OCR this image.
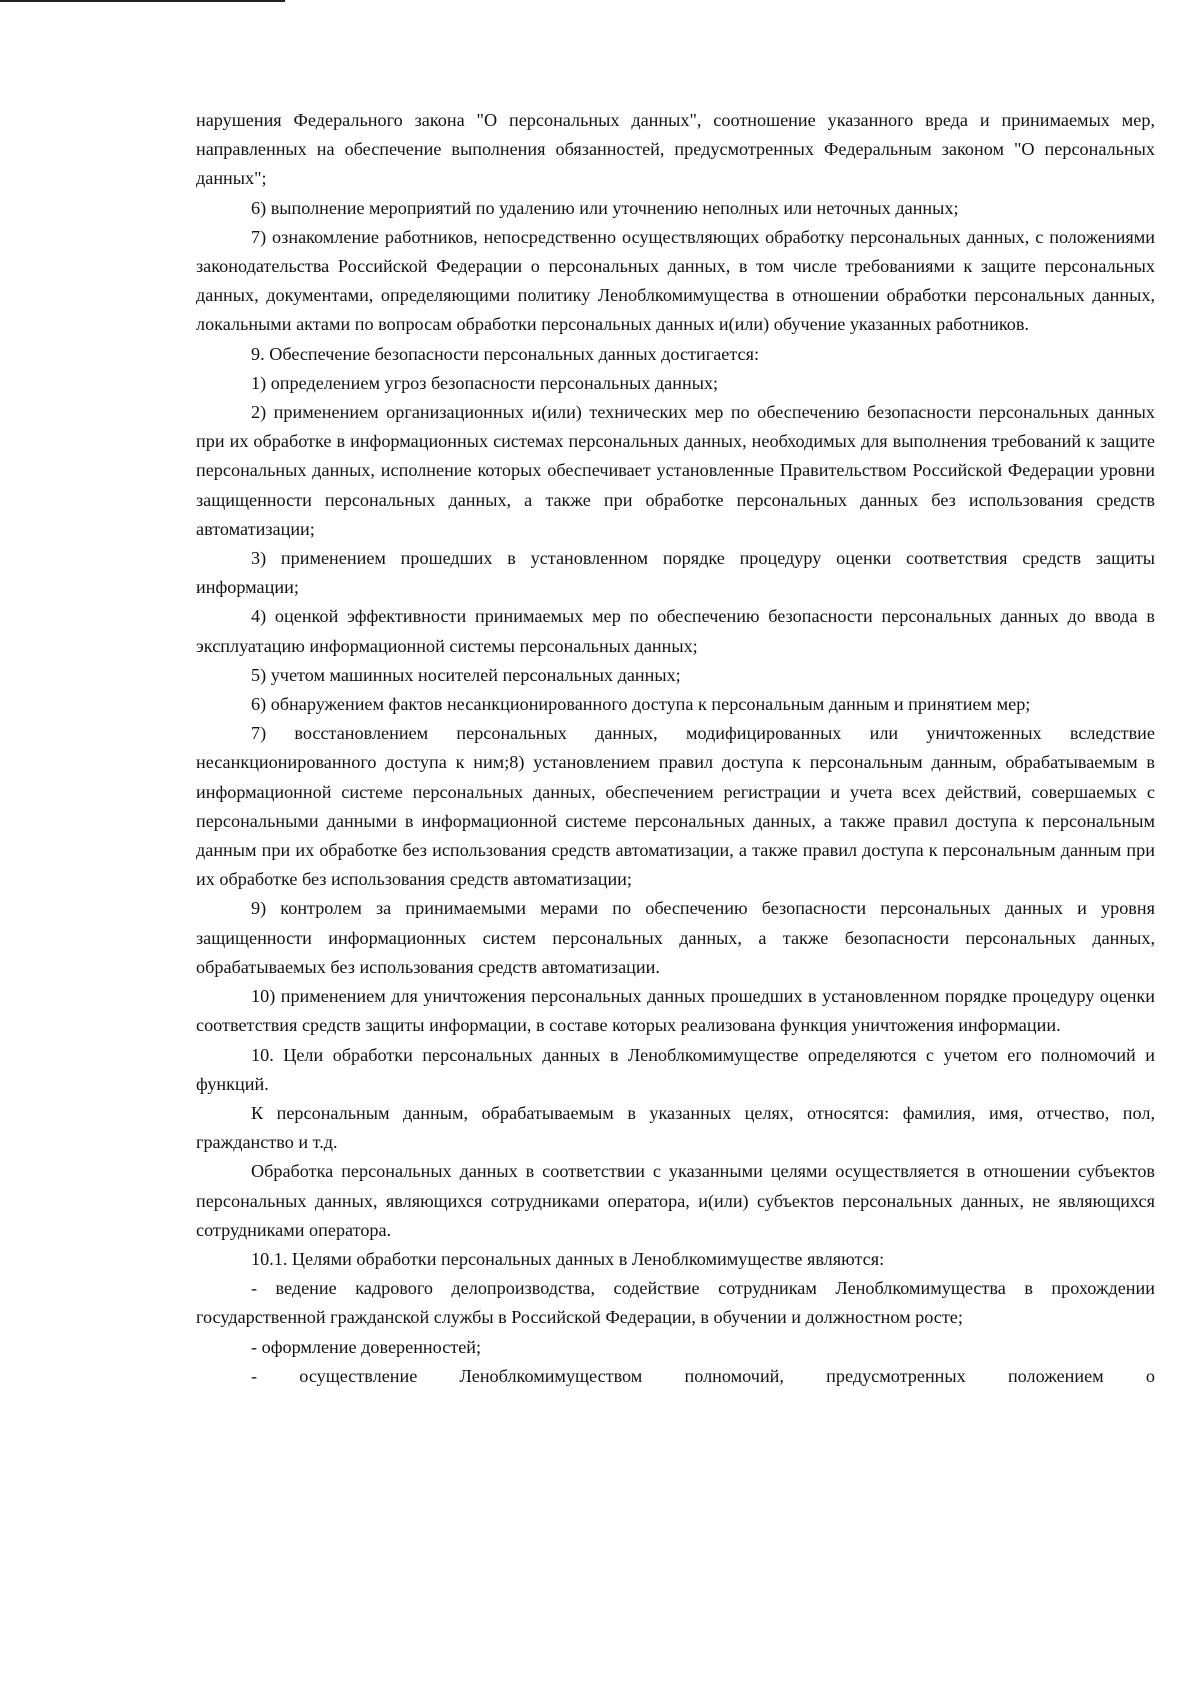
нарушения Федерального закона "О персональных данных", соотношение указанного вреда и принимаемых мер, направленных на обеспечение выполнения обязанностей, предусмотренных Федеральным законом "О персональных данных";

6) выполнение мероприятий по удалению или уточнению неполных или неточных данных;

7) ознакомление работников, непосредственно осуществляющих обработку персональных данных, с положениями законодательства Российской Федерации о персональных данных, в том числе требованиями к защите персональных данных, документами, определяющими политику Леноблкомимущества в отношении обработки персональных данных, локальными актами по вопросам обработки персональных данных и(или) обучение указанных работников.

9. Обеспечение безопасности персональных данных достигается:

1) определением угроз безопасности персональных данных;

2) применением организационных и(или) технических мер по обеспечению безопасности персональных данных при их обработке в информационных системах персональных данных, необходимых для выполнения требований к защите персональных данных, исполнение которых обеспечивает установленные Правительством Российской Федерации уровни защищенности персональных данных, а также при обработке персональных данных без использования средств автоматизации;

3) применением прошедших в установленном порядке процедуру оценки соответствия средств защиты информации;

4) оценкой эффективности принимаемых мер по обеспечению безопасности персональных данных до ввода в эксплуатацию информационной системы персональных данных;

5) учетом машинных носителей персональных данных;

6) обнаружением фактов несанкционированного доступа к персональным данным и принятием мер;

7) восстановлением персональных данных, модифицированных или уничтоженных вследствие несанкционированного доступа к ним;8) установлением правил доступа к персональным данным, обрабатываемым в информационной системе персональных данных, обеспечением регистрации и учета всех действий, совершаемых с персональными данными в информационной системе персональных данных, а также правил доступа к персональным данным при их обработке без использования средств автоматизации, а также правил доступа к персональным данным при их обработке без использования средств автоматизации;

9) контролем за принимаемыми мерами по обеспечению безопасности персональных данных и уровня защищенности информационных систем персональных данных, а также безопасности персональных данных, обрабатываемых без использования средств автоматизации.

10) применением для уничтожения персональных данных прошедших в установленном порядке процедуру оценки соответствия средств защиты информации, в составе которых реализована функция уничтожения информации.

10. Цели обработки персональных данных в Леноблкомимуществе определяются с учетом его полномочий и функций.

К персональным данным, обрабатываемым в указанных целях, относятся: фамилия, имя, отчество, пол, гражданство и т.д.

Обработка персональных данных в соответствии с указанными целями осуществляется в отношении субъектов персональных данных, являющихся сотрудниками оператора, и(или) субъектов персональных данных, не являющихся сотрудниками оператора.

10.1. Целями обработки персональных данных в Леноблкомимуществе являются:

- ведение кадрового делопроизводства, содействие сотрудникам Леноблкомимущества в прохождении государственной гражданской службы в Российской Федерации, в обучении и должностном росте;

- оформление доверенностей;

- осуществление Леноблкомимуществом полномочий, предусмотренных положением о
